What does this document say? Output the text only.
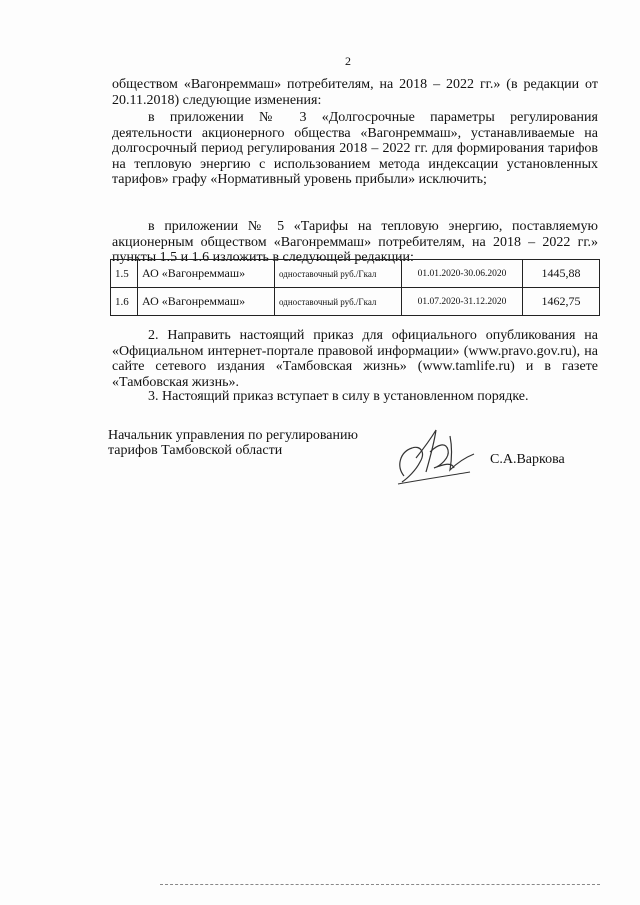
2

обществом «Вагонреммаш» потребителям, на 2018 – 2022 гг.» (в редакции от 20.11.2018) следующие изменения:

в приложении № 3 «Долгосрочные параметры регулирования деятельности акционерного общества «Вагонреммаш», устанавливаемые на долгосрочный период регулирования 2018 – 2022 гг. для формирования тарифов на тепловую энергию с использованием метода индексации установленных тарифов» графу «Нормативный уровень прибыли» исключить;

в приложении № 5 «Тарифы на тепловую энергию, поставляемую акционерным обществом «Вагонреммаш» потребителям, на 2018 – 2022 гг.» пункты 1.5 и 1.6 изложить в следующей редакции:

1.5	АО «Вагонреммаш»	одноставочный руб./Гкал	01.01.2020-30.06.2020	1445,88
1.6	АО «Вагонреммаш»	одноставочный руб./Гкал	01.07.2020-31.12.2020	1462,75

2. Направить настоящий приказ для официального опубликования на «Официальном интернет-портале правовой информации» (www.pravo.gov.ru), на сайте сетевого издания «Тамбовская жизнь» (www.tamlife.ru) и в газете «Тамбовская жизнь».

3. Настоящий приказ вступает в силу в установленном порядке.

Начальник управления по регулированию
тарифов Тамбовской области
С.А.Варкова
